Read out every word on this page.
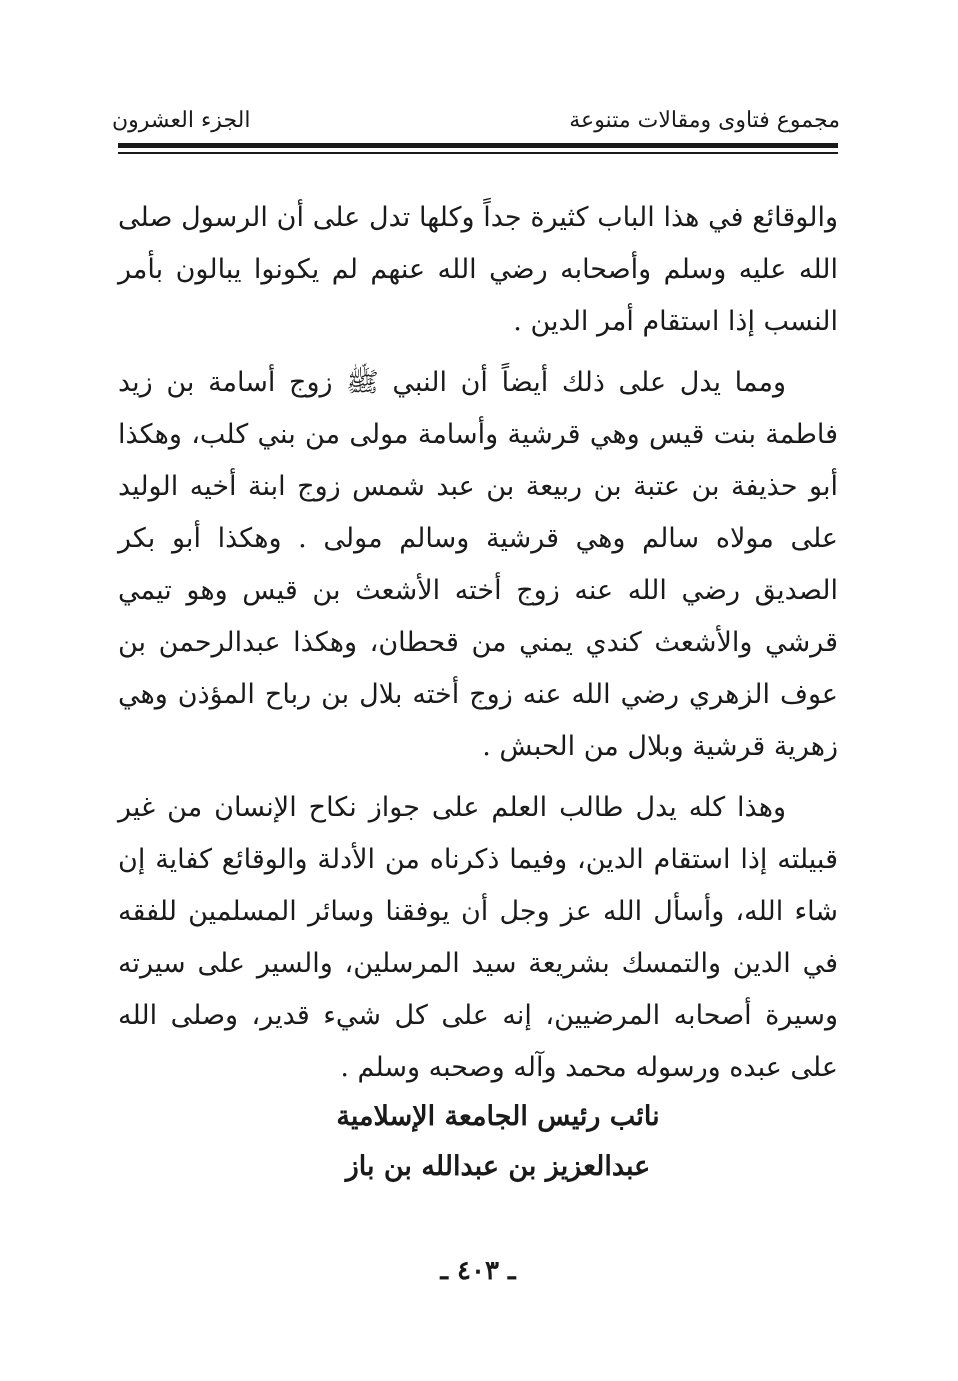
مجموع فتاوى ومقالات متنوعة
الجزء العشرون

والوقائع في هذا الباب كثيرة جداً وكلها تدل على أن الرسول صلى الله عليه وسلم وأصحابه رضي الله عنهم لم يكونوا يبالون بأمر النسب إذا استقام أمر الدين .

ومما يدل على ذلك أيضاً أن النبي ﷺ زوج أسامة بن زيد فاطمة بنت قيس وهي قرشية وأسامة مولى من بني كلب، وهكذا أبو حذيفة بن عتبة بن ربيعة بن عبد شمس زوج ابنة أخيه الوليد على مولاه سالم وهي قرشية وسالم مولى . وهكذا أبو بكر الصديق رضي الله عنه زوج أخته الأشعث بن قيس وهو تيمي قرشي والأشعث كندي يمني من قحطان، وهكذا عبدالرحمن بن عوف الزهري رضي الله عنه زوج أخته بلال بن رباح المؤذن وهي زهرية قرشية وبلال من الحبش .

وهذا كله يدل طالب العلم على جواز نكاح الإنسان من غير قبيلته إذا استقام الدين، وفيما ذكرناه من الأدلة والوقائع كفاية إن شاء الله، وأسأل الله عز وجل أن يوفقنا وسائر المسلمين للفقه في الدين والتمسك بشريعة سيد المرسلين، والسير على سيرته وسيرة أصحابه المرضيين، إنه على كل شيء قدير، وصلى الله على عبده ورسوله محمد وآله وصحبه وسلم .

نائب رئيس الجامعة الإسلامية
عبدالعزيز بن عبدالله بن باز
ـ ٤٠٣ ـ
